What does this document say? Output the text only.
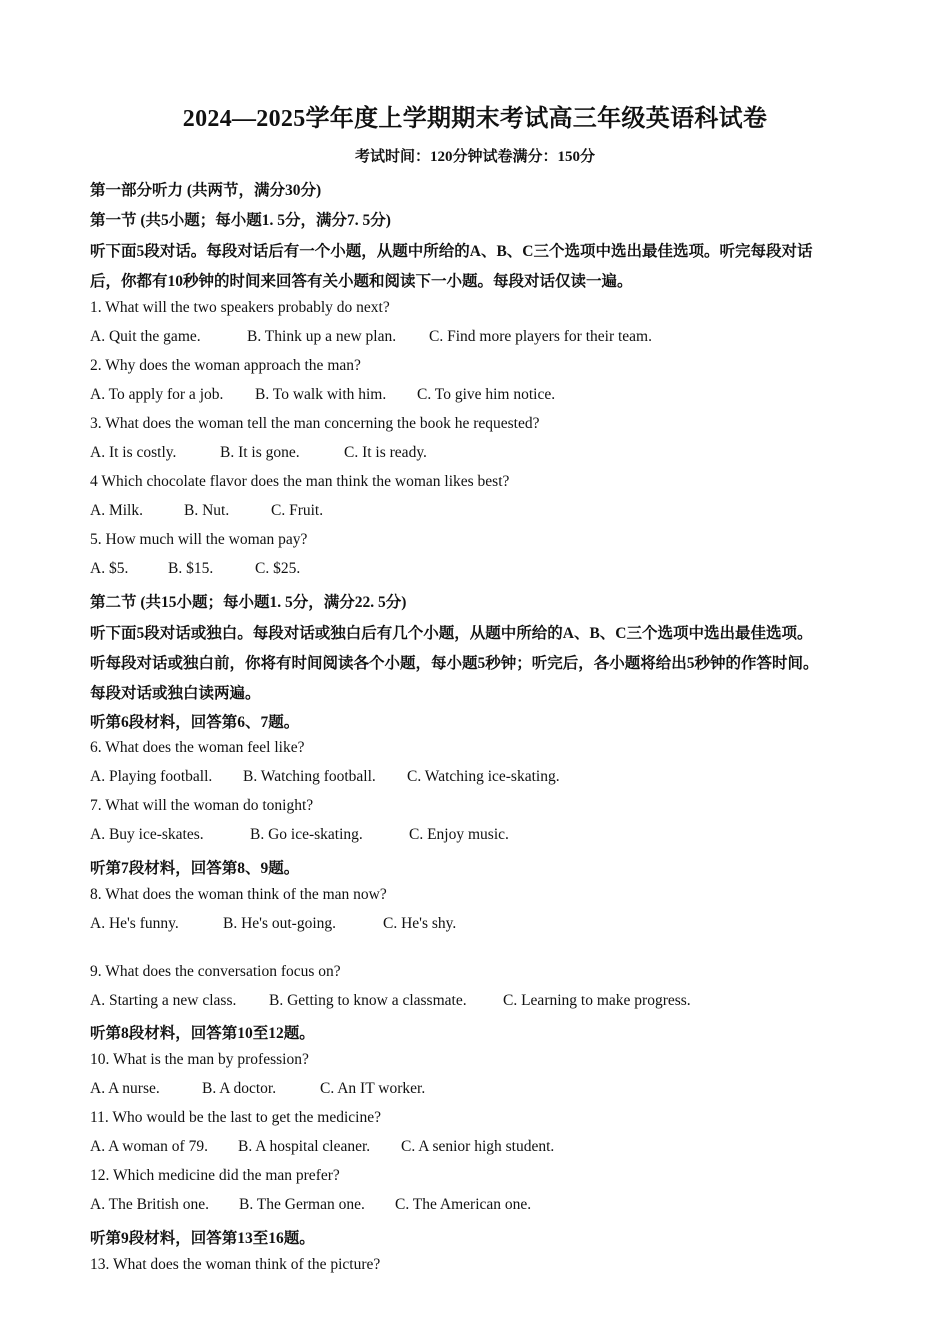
2024—2025学年度上学期期末考试高三年级英语科试卷
考试时间：120分钟试卷满分：150分
第一部分听力 (共两节，满分30分)
第一节 (共5小题；每小题1. 5分，满分7. 5分)
听下面5段对话。每段对话后有一个小题，从题中所给的A、B、C三个选项中选出最佳选项。听完每段对话
后，你都有10秒钟的时间来回答有关小题和阅读下一小题。每段对话仅读一遍。
1. What will the two speakers probably do next?
A. Quit the game.	B. Think up a new plan. C. Find more players for their team.
2. Why does the woman approach the man?
A. To apply for a job. B. To walk with him. C. To give him notice.
3. What does the woman tell the man concerning the book he requested?
A. It is costly.	B. It is gone.	C. It is ready.
4 Which chocolate flavor does the man think the woman likes best?
A. Milk.	B. Nut.	C. Fruit.
5. How much will the woman pay?
A. $5.	B. $15.	C. $25.
第二节 (共15小题；每小题1. 5分，满分22. 5分)
听下面5段对话或独白。每段对话或独白后有几个小题，从题中所给的A、B、C三个选项中选出最佳选项。
听每段对话或独白前，你将有时间阅读各个小题，每小题5秒钟；听完后，各小题将给出5秒钟的作答时间。
每段对话或独白读两遍。
听第6段材料，回答第6、7题。
6. What does the woman feel like?
A. Playing football. B. Watching football. C. Watching ice-skating.
7. What will the woman do tonight?
A. Buy ice-skates.	B. Go ice-skating.	C. Enjoy music.
听第7段材料，回答第8、9题。
8. What does the woman think of the man now?
A. He's funny.	B. He's out-going.	C. He's shy.
9. What does the conversation focus on?
A. Starting a new class. B. Getting to know a classmate. C. Learning to make progress.
听第8段材料，回答第10至12题。
10. What is the man by profession?
A. A nurse.	B. A doctor.	C. An IT worker.
11. Who would be the last to get the medicine?
A. A woman of 79. B. A hospital cleaner. C. A senior high student.
12. Which medicine did the man prefer?
A. The British one. B. The German one. C. The American one.
听第9段材料，回答第13至16题。
13. What does the woman think of the picture?
